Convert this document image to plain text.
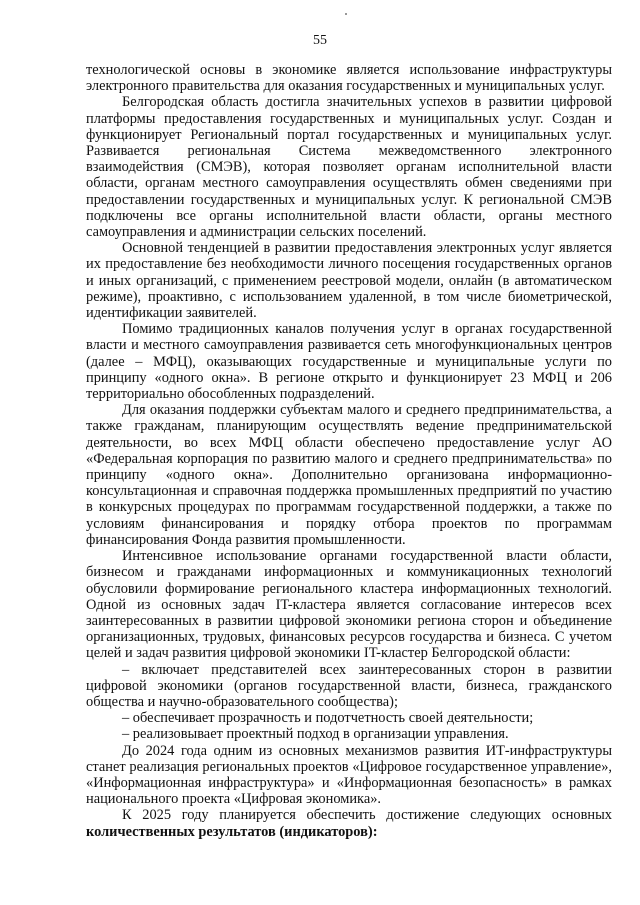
55

технологической основы в экономике является использование инфраструктуры электронного правительства для оказания государственных и муниципальных услуг.

Белгородская область достигла значительных успехов в развитии цифровой платформы предоставления государственных и муниципальных услуг. Создан и функционирует Региональный портал государственных и муниципальных услуг. Развивается региональная Система межведомственного электронного взаимодействия (СМЭВ), которая позволяет органам исполнительной власти области, органам местного самоуправления осуществлять обмен сведениями при предоставлении государственных и муниципальных услуг. К региональной СМЭВ подключены все органы исполнительной власти области, органы местного самоуправления и администрации сельских поселений.

Основной тенденцией в развитии предоставления электронных услуг является их предоставление без необходимости личного посещения государственных органов и иных организаций, с применением реестровой модели, онлайн (в автоматическом режиме), проактивно, с использованием удаленной, в том числе биометрической, идентификации заявителей.

Помимо традиционных каналов получения услуг в органах государственной власти и местного самоуправления развивается сеть многофункциональных центров (далее – МФЦ), оказывающих государственные и муниципальные услуги по принципу «одного окна». В регионе открыто и функционирует 23 МФЦ и 206 территориально обособленных подразделений.

Для оказания поддержки субъектам малого и среднего предпринимательства, а также гражданам, планирующим осуществлять ведение предпринимательской деятельности, во всех МФЦ области обеспечено предоставление услуг АО «Федеральная корпорация по развитию малого и среднего предпринимательства» по принципу «одного окна». Дополнительно организована информационно-консультационная и справочная поддержка промышленных предприятий по участию в конкурсных процедурах по программам государственной поддержки, а также по условиям финансирования и порядку отбора проектов по программам финансирования Фонда развития промышленности.

Интенсивное использование органами государственной власти области, бизнесом и гражданами информационных и коммуникационных технологий обусловили формирование регионального кластера информационных технологий. Одной из основных задач IT-кластера является согласование интересов всех заинтересованных в развитии цифровой экономики региона сторон и объединение организационных, трудовых, финансовых ресурсов государства и бизнеса. С учетом целей и задач развития цифровой экономики IT-кластер Белгородской области:

– включает представителей всех заинтересованных сторон в развитии цифровой экономики (органов государственной власти, бизнеса, гражданского общества и научно-образовательного сообщества);

– обеспечивает прозрачность и подотчетность своей деятельности;

– реализовывает проектный подход в организации управления.

До 2024 года одним из основных механизмов развития ИТ-инфраструктуры станет реализация региональных проектов «Цифровое государственное управление», «Информационная инфраструктура» и «Информационная безопасность» в рамках национального проекта «Цифровая экономика».

К 2025 году планируется обеспечить достижение следующих основных количественных результатов (индикаторов):
